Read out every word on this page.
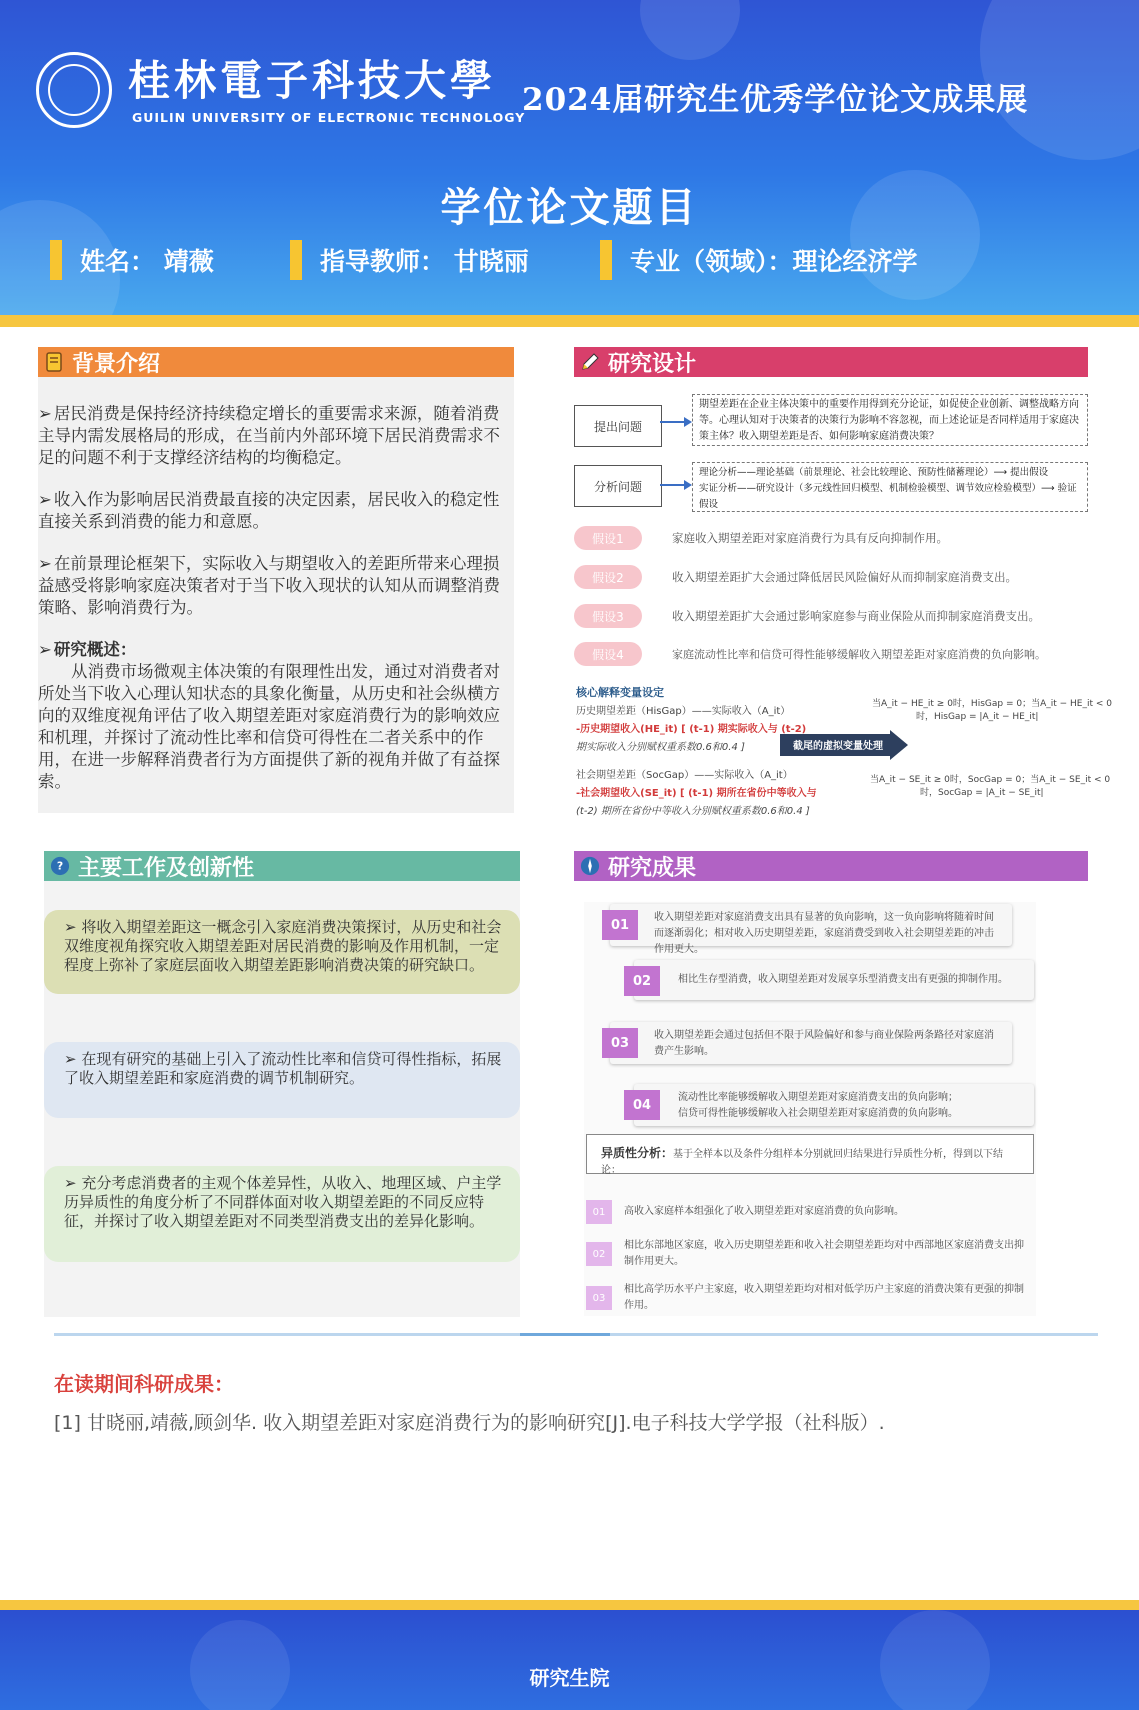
桂林電子科技大學
GUILIN UNIVERSITY OF ELECTRONIC TECHNOLOGY
2024届研究生优秀学位论文成果展
学位论文题目
姓名： 靖薇	指导教师： 甘晓丽	专业（领域）：理论经济学
背景介绍

➢ 居民消费是保持经济持续稳定增长的重要需求来源，随着消费主导内需发展格局的形成，在当前内外部环境下居民消费需求不足的问题不利于支撑经济结构的均衡稳定。

➢ 收入作为影响居民消费最直接的决定因素，居民收入的稳定性直接关系到消费的能力和意愿。

➢ 在前景理论框架下，实际收入与期望收入的差距所带来心理损益感受将影响家庭决策者对于当下收入现状的认知从而调整消费策略、影响消费行为。

➢ 研究概述：

从消费市场微观主体决策的有限理性出发，通过对消费者对所处当下收入心理认知状态的具象化衡量，从历史和社会纵横方向的双维度视角评估了收入期望差距对家庭消费行为的影响效应和机理，并探讨了流动性比率和信贷可得性在二者关系中的作用，在进一步解释消费者行为方面提供了新的视角并做了有益探索。

研究设计
提出问题
期望差距在企业主体决策中的重要作用得到充分论证，如促使企业创新、调整战略方向等。心理认知对于决策者的决策行为影响不容忽视，而上述论证是否同样适用于家庭决策主体？收入期望差距是否、如何影响家庭消费决策？
分析问题
理论分析——理论基础（前景理论、社会比较理论、预防性储蓄理论）⟶ 提出假设
实证分析——研究设计（多元线性回归模型、机制检验模型、调节效应检验模型）⟶ 验证假设
假设1	家庭收入期望差距对家庭消费行为具有反向抑制作用。
假设2	收入期望差距扩大会通过降低居民风险偏好从而抑制家庭消费支出。
假设3	收入期望差距扩大会通过影响家庭参与商业保险从而抑制家庭消费支出。
假设4	家庭流动性比率和信贷可得性能够缓解收入期望差距对家庭消费的负向影响。
核心解释变量设定
历史期望差距（HisGap）——实际收入（A_it）
-历史期望收入(HE_it) [ (t-1) 期实际收入与 (t-2)
期实际收入分别赋权重系数0.6和0.4 ]
社会期望差距（SocGap）——实际收入（A_it）
-社会期望收入(SE_it) [ (t-1) 期所在省份中等收入与
(t-2) 期所在省份中等收入分别赋权重系数0.6和0.4 ]
截尾的虚拟变量处理
当A_it − HE_it ≥ 0时，HisGap = 0；当A_it − HE_it < 0
时，HisGap = |A_it − HE_it|
当A_it − SE_it ≥ 0时，SocGap = 0；当A_it − SE_it < 0
时，SocGap = |A_it − SE_it|
? 主要工作及创新性
➢ 将收入期望差距这一概念引入家庭消费决策探讨，从历史和社会双维度视角探究收入期望差距对居民消费的影响及作用机制，一定程度上弥补了家庭层面收入期望差距影响消费决策的研究缺口。
➢ 在现有研究的基础上引入了流动性比率和信贷可得性指标，拓展了收入期望差距和家庭消费的调节机制研究。
➢ 充分考虑消费者的主观个体差异性，从收入、地理区域、户主学历异质性的角度分析了不同群体面对收入期望差距的不同反应特征，并探讨了收入期望差距对不同类型消费支出的差异化影响。
研究成果
收入期望差距对家庭消费支出具有显著的负向影响，这一负向影响将随着时间而逐渐弱化；相对收入历史期望差距，家庭消费受到收入社会期望差距的冲击作用更大。
01
相比生存型消费，收入期望差距对发展享乐型消费支出有更强的抑制作用。
02
收入期望差距会通过包括但不限于风险偏好和参与商业保险两条路径对家庭消费产生影响。
03
流动性比率能够缓解收入期望差距对家庭消费支出的负向影响；
信贷可得性能够缓解收入社会期望差距对家庭消费的负向影响。
04
异质性分析：基于全样本以及条件分组样本分别就回归结果进行异质性分析，得到以下结论：
01	高收入家庭样本组强化了收入期望差距对家庭消费的负向影响。
02
相比东部地区家庭，收入历史期望差距和收入社会期望差距均对中西部地区家庭消费支出抑制作用更大。
03
相比高学历水平户主家庭，收入期望差距均对相对低学历户主家庭的消费决策有更强的抑制作用。
在读期间科研成果：
[1] 甘晓丽,靖薇,顾剑华. 收入期望差距对家庭消费行为的影响研究[J].电子科技大学学报（社科版）.
研究生院
